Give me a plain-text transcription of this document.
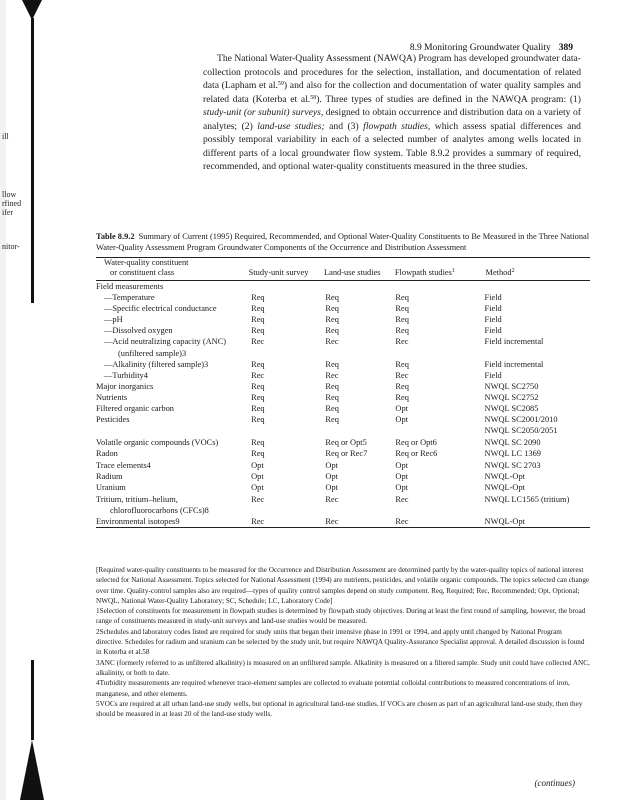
ill
llow
rfined
ifer
nitor-
8.9 Monitoring Groundwater Quality 389

The National Water-Quality Assessment (NAWQA) Program has developed groundwater data-collection protocols and procedures for the selection, installation, and documentation of related data (Lapham et al.$^{59}$) and also for the collection and documentation of water quality samples and related data (Koterba et al.$^{58}$). Three types of studies are defined in the NAWQA program: (1) study-unit (or subunit) surveys, designed to obtain occurrence and distribution data on a variety of analytes; (2) land-use studies; and (3) flowpath studies, which assess spatial differences and possibly temporal variability in each of a selected number of analytes among wells located in different parts of a local groundwater flow system. Table 8.9.2 provides a summary of required, recommended, and optional water-quality constituents measured in the three studies.

Table 8.9.2 Summary of Current (1995) Required, Recommended, and Optional Water-Quality Constituents to Be Measured in the Three National Water-Quality Assessment Program Groundwater Components of the Occurrence and Distribution Assessment

Water-quality constituent
or constituent class	Study-unit survey	Land-use studies	Flowpath studies$^1$	Method$^2$
Field measurements				
—Temperature	Req	Req	Req	Field
—Specific electrical conductance	Req	Req	Req	Field
—pH	Req	Req	Req	Field
—Dissolved oxygen	Req	Req	Req	Field
—Acid neutralizing capacity (ANC)
(unfiltered sample)3	Rec	Rec	Rec	Field incremental
—Alkalinity (filtered sample)3	Req	Req	Req	Field incremental
—Turbidity4	Rec	Rec	Rec	Field
Major inorganics	Req	Req	Req	NWQL SC2750
Nutrients	Req	Req	Req	NWQL SC2752
Filtered organic carbon	Req	Req	Opt	NWQL SC2085
Pesticides	Req	Req	Opt	NWQL SC2001/2010
NWQL SC2050/2051

Volatile organic compounds (VOCs)	Req	Req or Opt5	Req or Opt6	NWQL SC 2090
Radon	Req	Req or Rec7	Req or Rec6	NWQL LC 1369
Trace elements4	Opt	Opt	Opt	NWQL SC 2703
Radium	Opt	Opt	Opt	NWQL-Opt
Uranium	Opt	Opt	Opt	NWQL-Opt
Tritium, tritium–helium,
chlorofluorocarbons (CFCs)8	Rec	Rec	Rec	NWQL LC1565 (tritium)
Environmental isotopes9	Rec	Rec	Rec	NWQL-Opt

[Required water-quality constituents to be measured for the Occurrence and Distribution Assessment are determined partly by the water-quality topics of national interest selected for National Assessment. Topics selected for National Assessment (1994) are nutrients, pesticides, and volatile organic compounds. The topics selected can change over time. Quality-control samples also are required—types of quality control samples depend on study component. Req, Required; Rec, Recommended; Opt, Optional; NWQL, National Water-Quality Laboratory; SC, Schedule; LC, Laboratory Code]

1Selection of constituents for measurement in flowpath studies is determined by flowpath study objectives. During at least the first round of sampling, however, the broad range of constituents measured in study-unit surveys and land-use studies would be measured.

2Schedules and laboratory codes listed are required for study units that began their intensive phase in 1991 or 1994, and apply until changed by National Program directive. Schedules for radium and uranium can be selected by the study unit, but require NAWQA Quality-Assurance Specialist approval. A detailed discussion is found in Koterba et al.58

3ANC (formerly referred to as unfiltered alkalinity) is measured on an unfiltered sample. Alkalinity is measured on a filtered sample. Study unit could have collected ANC, alkalinity, or both to date.

4Turbidity measurements are required whenever trace-element samples are collected to evaluate potential colloidal contributions to measured concentrations of iron, manganese, and other elements.

5VOCs are required at all urban land-use study wells, but optional in agricultural land-use studies. If VOCs are chosen as part of an agricultural land-use study, then they should be measured in at least 20 of the land-use study wells.

(continues)
